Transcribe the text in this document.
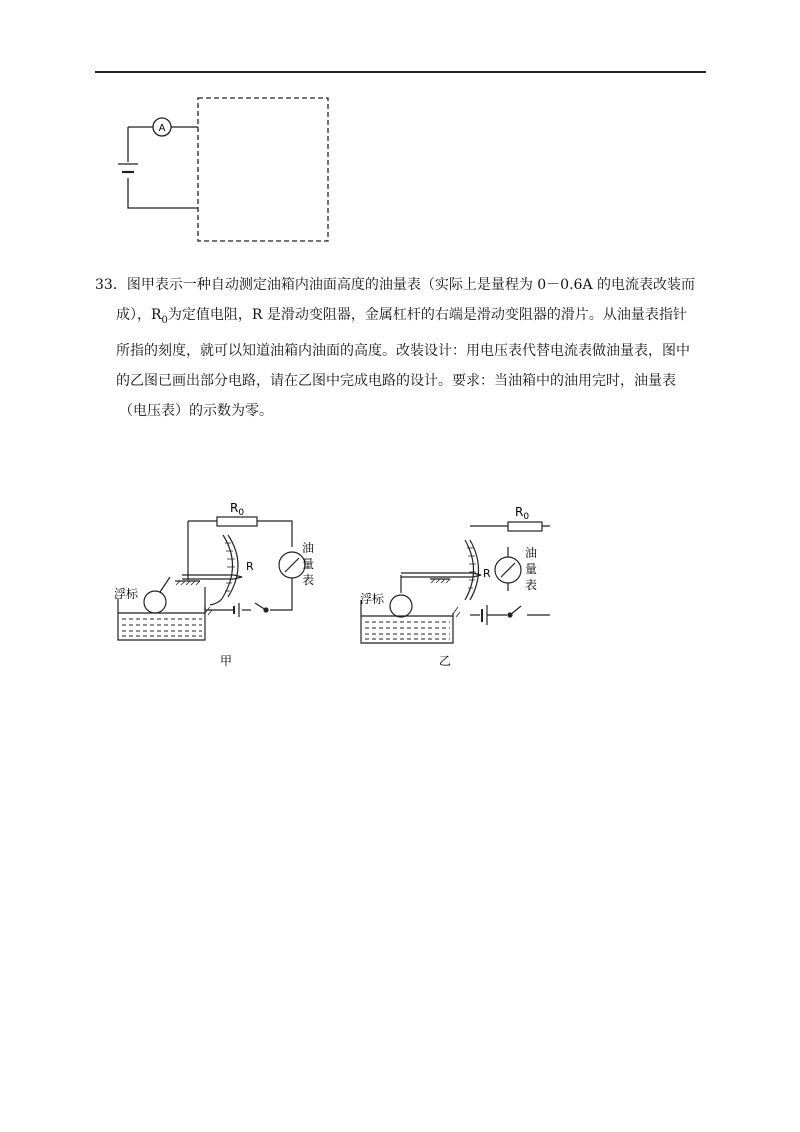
A
33．图甲表示一种自动测定油箱内油面高度的油量表（实际上是量程为 0－0.6A 的电流表改装而
成），$R_0$为定值电阻，R 是滑动变阻器，金属杠杆的右端是滑动变阻器的滑片。从油量表指针
所指的刻度，就可以知道油箱内油面的高度。改装设计：用电压表代替电流表做油量表，图中
的乙图已画出部分电路，请在乙图中完成电路的设计。要求：当油箱中的油用完时，油量表
（电压表）的示数为零。
$R_0$
R
浮标
油
量
表
甲
$R_0$
R
浮标
油
量
表
乙
